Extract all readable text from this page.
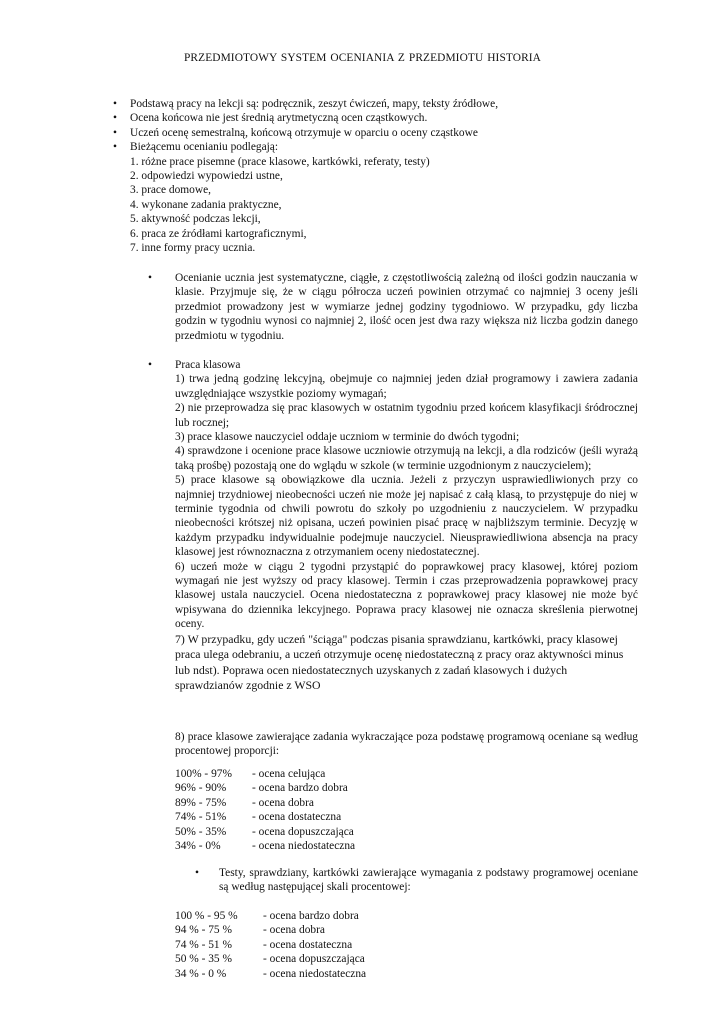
PRZEDMIOTOWY SYSTEM OCENIANIA Z PRZEDMIOTU HISTORIA
•	Podstawą pracy na lekcji są: podręcznik, zeszyt ćwiczeń, mapy, teksty źródłowe,
•	Ocena końcowa nie jest średnią arytmetyczną ocen cząstkowych.
•	Uczeń ocenę semestralną, końcową otrzymuje w oparciu o oceny cząstkowe
•	Bieżącemu ocenianiu podlegają:
1. różne prace pisemne (prace klasowe, kartkówki, referaty, testy)
2. odpowiedzi wypowiedzi ustne,
3. prace domowe,
4. wykonane zadania praktyczne,
5. aktywność podczas lekcji,
6. praca ze źródłami kartograficznymi,
7. inne formy pracy ucznia.
•	Ocenianie ucznia jest systematyczne, ciągłe, z częstotliwością zależną od ilości godzin nauczania w klasie. Przyjmuje się, że w ciągu półrocza uczeń powinien otrzymać co najmniej 3 oceny jeśli przedmiot prowadzony jest w wymiarze jednej godziny tygodniowo. W przypadku, gdy liczba godzin w tygodniu wynosi co najmniej 2, ilość ocen jest dwa razy większa niż liczba godzin danego przedmiotu w tygodniu.
•	Praca klasowa
1) trwa jedną godzinę lekcyjną, obejmuje co najmniej jeden dział programowy i zawiera zadania uwzględniające wszystkie poziomy wymagań;
2) nie przeprowadza się prac klasowych w ostatnim tygodniu przed końcem klasyfikacji śródrocznej lub rocznej;
3) prace klasowe nauczyciel oddaje uczniom w terminie do dwóch tygodni;
4) sprawdzone i ocenione prace klasowe uczniowie otrzymują na lekcji, a dla rodziców (jeśli wyrażą taką prośbę) pozostają one do wglądu w szkole (w terminie uzgodnionym z nauczycielem);
5) prace klasowe są obowiązkowe dla ucznia. Jeżeli z przyczyn usprawiedliwionych przy co najmniej trzydniowej nieobecności uczeń nie może jej napisać z całą klasą, to przystępuje do niej w terminie tygodnia od chwili powrotu do szkoły po uzgodnieniu z nauczycielem. W przypadku nieobecności krótszej niż opisana, uczeń powinien pisać pracę w najbliższym terminie. Decyzję w każdym przypadku indywidualnie podejmuje nauczyciel. Nieusprawiedliwiona absencja na pracy klasowej jest równoznaczna z otrzymaniem oceny niedostatecznej.
6) uczeń może w ciągu 2 tygodni przystąpić do poprawkowej pracy klasowej, której poziom wymagań nie jest wyższy od pracy klasowej. Termin i czas przeprowadzenia poprawkowej pracy klasowej ustala nauczyciel. Ocena niedostateczna z poprawkowej pracy klasowej nie może być wpisywana do dziennika lekcyjnego. Poprawa pracy klasowej nie oznacza skreślenia pierwotnej oceny.
7) W przypadku, gdy uczeń "ściąga" podczas pisania sprawdzianu, kartkówki, pracy klasowej praca ulega odebraniu, a uczeń otrzymuje ocenę niedostateczną z pracy oraz aktywności minus lub ndst). Poprawa ocen niedostatecznych uzyskanych z zadań klasowych i dużych sprawdzianów zgodnie z WSO
8) prace klasowe zawierające zadania wykraczające poza podstawę programową oceniane są według procentowej proporcji:
100% - 97% - ocena celująca
96% - 90% - ocena bardzo dobra
89% - 75% - ocena dobra
74% - 51% - ocena dostateczna
50% - 35% - ocena dopuszczająca
34% - 0%	- ocena niedostateczna
•	Testy, sprawdziany, kartkówki zawierające wymagania z podstawy programowej oceniane są według następującej skali procentowej:
100 % - 95 % - ocena bardzo dobra
94 % - 75 %	- ocena dobra
74 % - 51 %	- ocena dostateczna
50 % - 35 %	- ocena dopuszczająca
34 % - 0 %	- ocena niedostateczna
